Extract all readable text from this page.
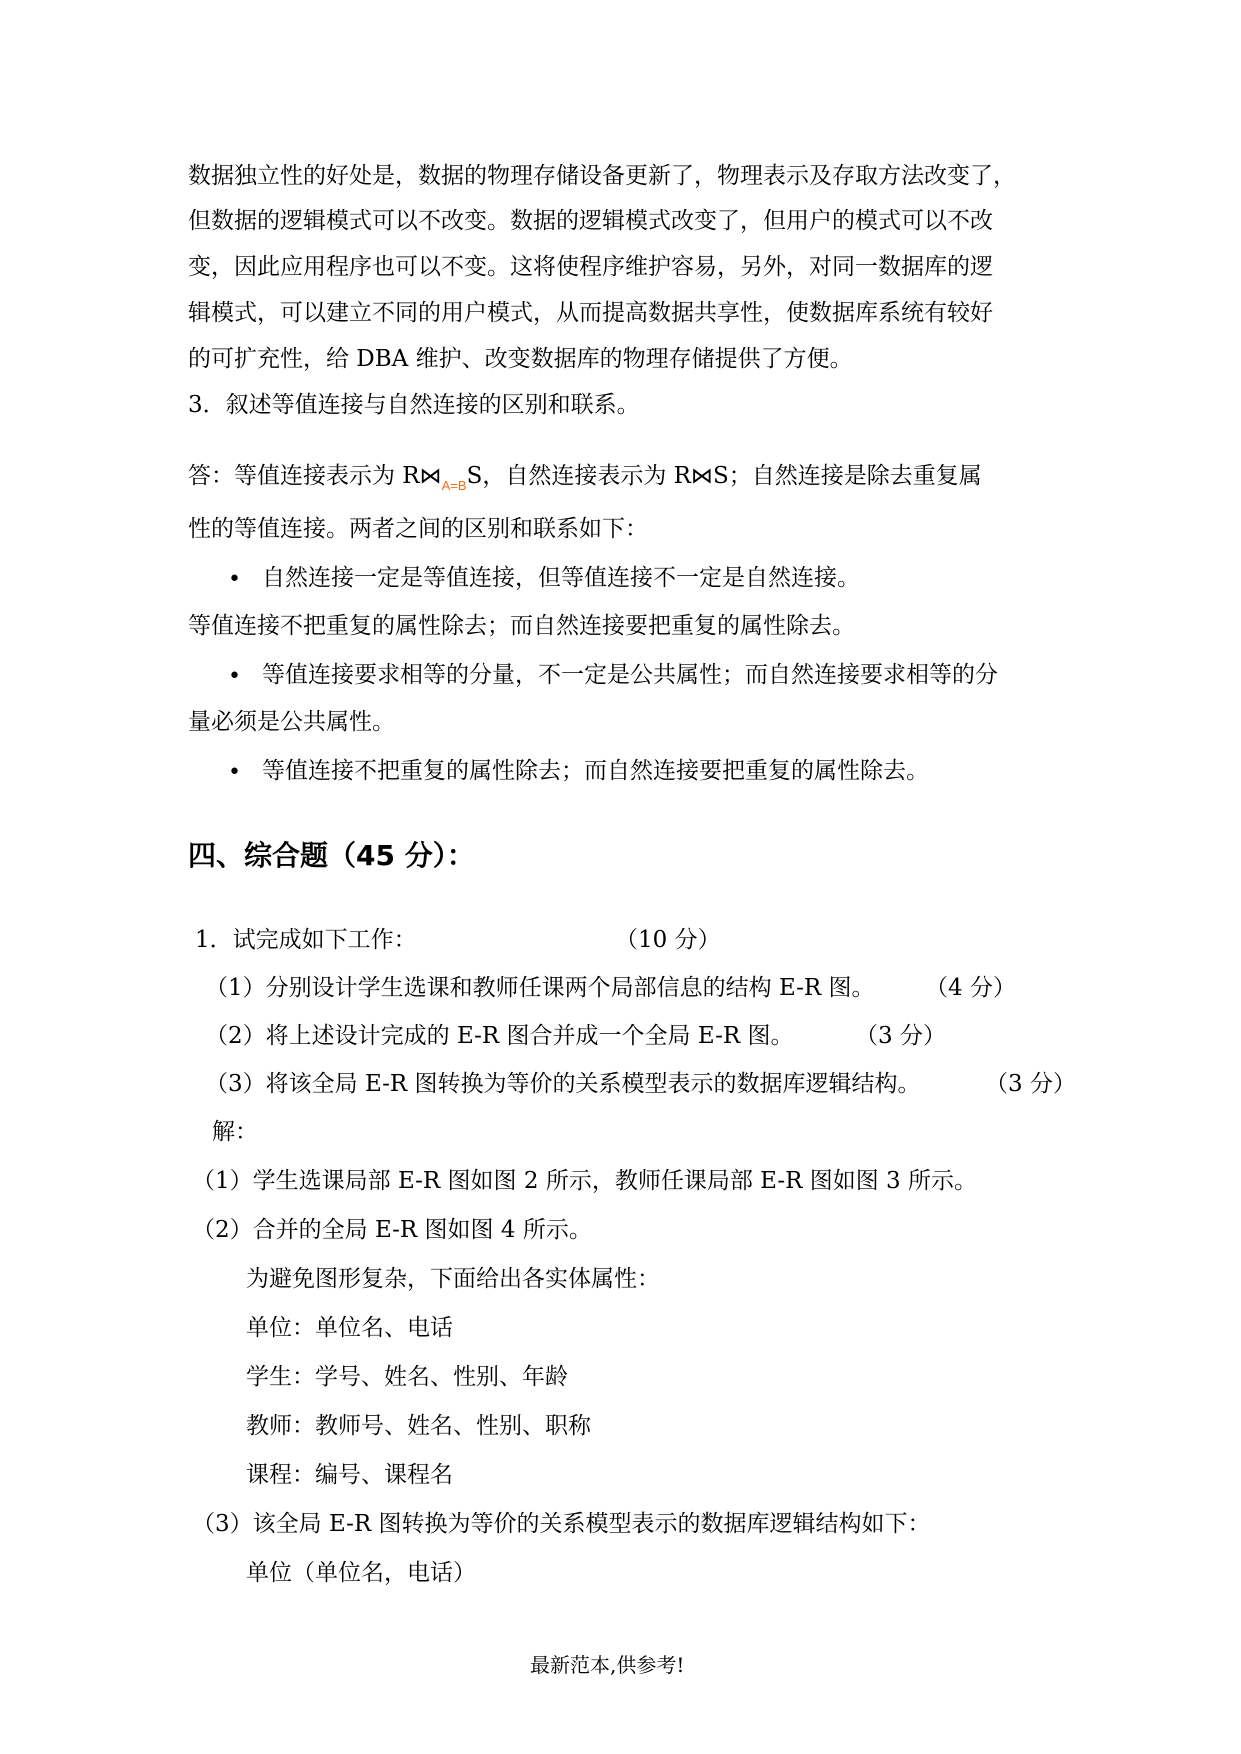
数据独立性的好处是，数据的物理存储设备更新了，物理表示及存取方法改变了，
但数据的逻辑模式可以不改变。数据的逻辑模式改变了，但用户的模式可以不改
变，因此应用程序也可以不变。这将使程序维护容易，另外，对同一数据库的逻
辑模式，可以建立不同的用户模式，从而提高数据共享性，使数据库系统有较好
的可扩充性，给 DBA 维护、改变数据库的物理存储提供了方便。
3．叙述等值连接与自然连接的区别和联系。
答：等值连接表示为 $R⋈_{A=B}S$，自然连接表示为 R⋈S；自然连接是除去重复属
性的等值连接。两者之间的区别和联系如下：
• 自然连接一定是等值连接，但等值连接不一定是自然连接。
等值连接不把重复的属性除去；而自然连接要把重复的属性除去。
• 等值连接要求相等的分量，不一定是公共属性；而自然连接要求相等的分
量必须是公共属性。
• 等值连接不把重复的属性除去；而自然连接要把重复的属性除去。
四、综合题（45 分）：
1．试完成如下工作：	（10 分）
（1）分别设计学生选课和教师任课两个局部信息的结构 E-R 图。 （4 分）
（2）将上述设计完成的 E-R 图合并成一个全局 E-R 图。	（3 分）
（3）将该全局 E-R 图转换为等价的关系模型表示的数据库逻辑结构。	（3 分）
解：
（1）学生选课局部 E-R 图如图 2 所示，教师任课局部 E-R 图如图 3 所示。
（2）合并的全局 E-R 图如图 4 所示。
为避免图形复杂，下面给出各实体属性：
单位：单位名、电话
学生：学号、姓名、性别、年龄
教师：教师号、姓名、性别、职称
课程：编号、课程名
（3）该全局 E-R 图转换为等价的关系模型表示的数据库逻辑结构如下：
单位（单位名，电话）
最新范本,供参考!
